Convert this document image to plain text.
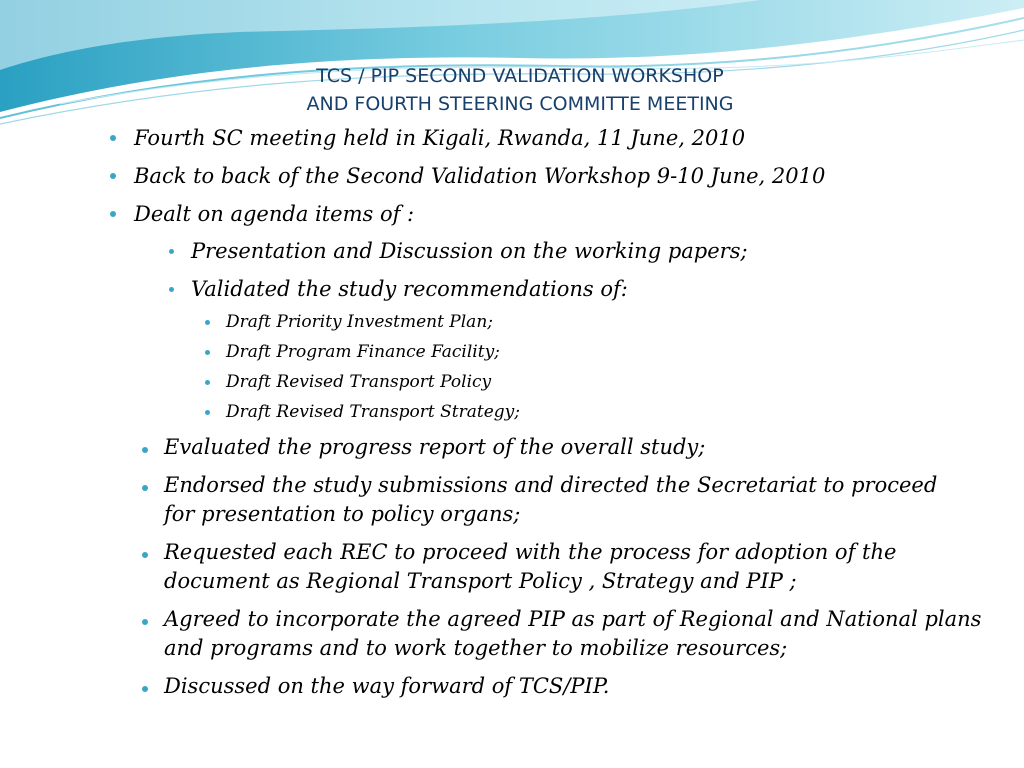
TCS / PIP SECOND VALIDATION WORKSHOP
AND FOURTH STEERING COMMITTE MEETING

Fourth SC meeting held in Kigali, Rwanda, 11 June, 2010

Back to back of the Second Validation Workshop 9-10 June, 2010

Dealt on agenda items of :

Presentation and Discussion on the working papers;

Validated the study recommendations of:

Draft Priority Investment Plan;

Draft Program Finance Facility;

Draft Revised Transport Policy

Draft Revised Transport Strategy;

Evaluated the progress report of the overall study;

Endorsed the study submissions and directed the Secretariat to proceed for presentation to policy organs;

Requested each REC to proceed with the process for adoption of the document as Regional Transport Policy , Strategy and PIP ;

Agreed to incorporate the agreed PIP as part of Regional and National plans and programs and to work together to mobilize resources;

Discussed on the way forward of TCS/PIP.
